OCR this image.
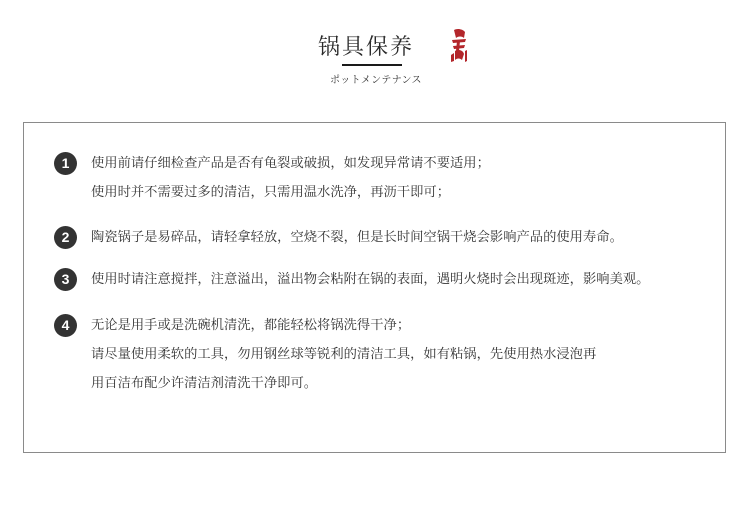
锅具保养
ポットメンテナンス
1	使用前请仔细检查产品是否有龟裂或破损，如发现异常请不要适用；
使用时并不需要过多的清洁，只需用温水洗净，再沥干即可；
2	陶瓷锅子是易碎品，请轻拿轻放，空烧不裂，但是长时间空锅干烧会影响产品的使用寿命。
3	使用时请注意搅拌，注意溢出，溢出物会粘附在锅的表面，遇明火烧时会出现斑迹，影响美观。
4	无论是用手或是洗碗机清洗，都能轻松将锅洗得干净；
请尽量使用柔软的工具，勿用钢丝球等锐利的清洁工具，如有粘锅，先使用热水浸泡再
用百洁布配少许清洁剂清洗干净即可。
